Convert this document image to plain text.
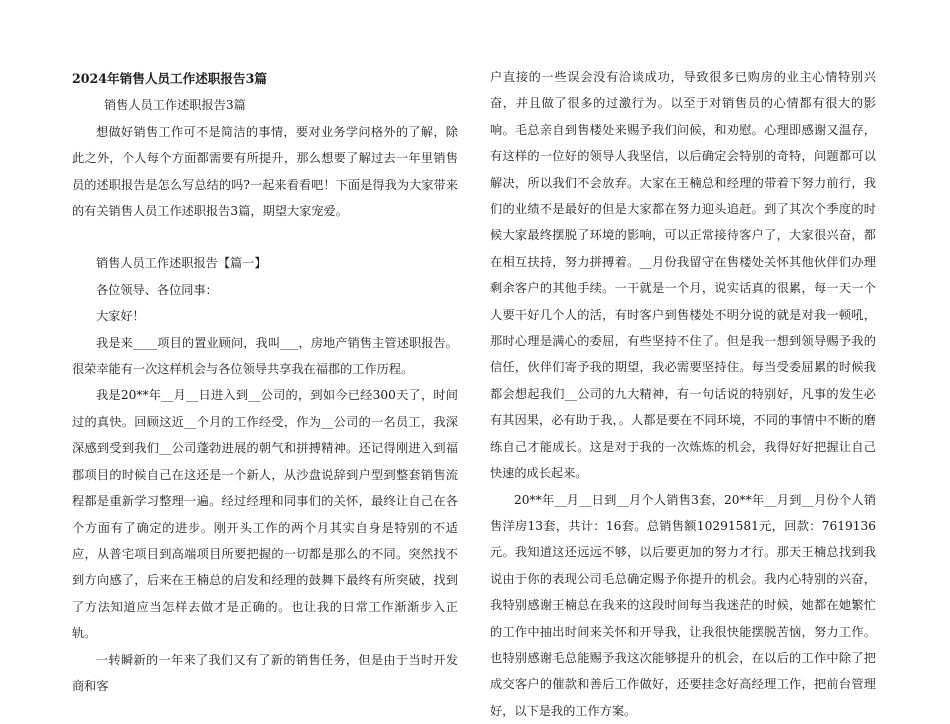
2024年销售人员工作述职报告3篇

销售人员工作述职报告3篇

想做好销售工作可不是简洁的事情，要对业务学问格外的了解，除此之外，个人每个方面都需要有所提升，那么想要了解过去一年里销售员的述职报告是怎么写总结的吗?一起来看看吧！下面是得我为大家带来的有关销售人员工作述职报告3篇，期望大家宠爱。

销售人员工作述职报告【篇一】

各位领导、各位同事：

大家好！

我是来____项目的置业顾问，我叫___，房地产销售主管述职报告。很荣幸能有一次这样机会与各位领导共享我在福郡的工作历程。

我是20**年__月__日进入到__公司的，到如今已经300天了，时间过的真快。回顾这近__个月的工作经受，作为__公司的一名员工，我深深感到受到我们__公司蓬勃进展的朝气和拼搏精神。还记得刚进入到福郡项目的时候自己在这还是一个新人，从沙盘说辞到户型到整套销售流程都是重新学习整理一遍。经过经理和同事们的关怀，最终让自己在各个方面有了确定的进步。刚开头工作的两个月其实自身是特别的不适应，从普宅项目到高端项目所要把握的一切都是那么的不同。突然找不到方向感了，后来在王楠总的启发和经理的鼓舞下最终有所突破，找到了方法知道应当怎样去做才是正确的。也让我的日常工作渐渐步入正轨。

一转瞬新的一年来了我们又有了新的销售任务，但是由于当时开发商和客

户直接的一些误会没有洽谈成功，导致很多已购房的业主心情特别兴奋，并且做了很多的过激行为。以至于对销售员的心情都有很大的影响。毛总亲自到售楼处来赐予我们问候，和劝慰。心理即感谢又温存，有这样的一位好的领导人我坚信，以后确定会特别的奇特，问题都可以解决，所以我们不会放弃。大家在王楠总和经理的带着下努力前行，我们的业绩不是最好的但是大家都在努力迎头追赶。到了其次个季度的时候大家最终摆脱了环境的影响，可以正常接待客户了，大家很兴奋，都在相互扶持，努力拼搏着。__月份我留守在售楼处关怀其他伙伴们办理剩余客户的其他手续。一干就是一个月，说实话真的很累，每一天一个人要干好几个人的活，有时客户到售楼处不明分说的就是对我一顿吼，那时心理是满心的委屈，有些坚持不住了。但是我一想到领导赐予我的信任，伙伴们寄予我的期望，我必需要坚持住。每当受委屈累的时候我都会想起我们__公司的九大精神，有一句话说的特别好，凡事的发生必有其因果，必有助于我，。人都是要在不同环境，不同的事情中不断的磨练自己才能成长。这是对于我的一次炼炼的机会，我得好好把握让自己快速的成长起来。

20**年__月__日到__月个人销售3套，20**年__月到__月份个人销售洋房13套，共计：16套。总销售额10291581元，回款：7619136元。我知道这还远远不够，以后要更加的努力才行。那天王楠总找到我说由于你的表现公司毛总确定赐予你提升的机会。我内心特别的兴奋，我特别感谢王楠总在我来的这段时间每当我迷茫的时候，她都在她繁忙的工作中抽出时间来关怀和开导我，让我很快能摆脱苦恼，努力工作。也特别感谢毛总能赐予我这次能够提升的机会，在以后的工作中除了把成交客户的催款和善后工作做好，还要挂念好高经理工作，把前台管理好，以下是我的工作方案。
